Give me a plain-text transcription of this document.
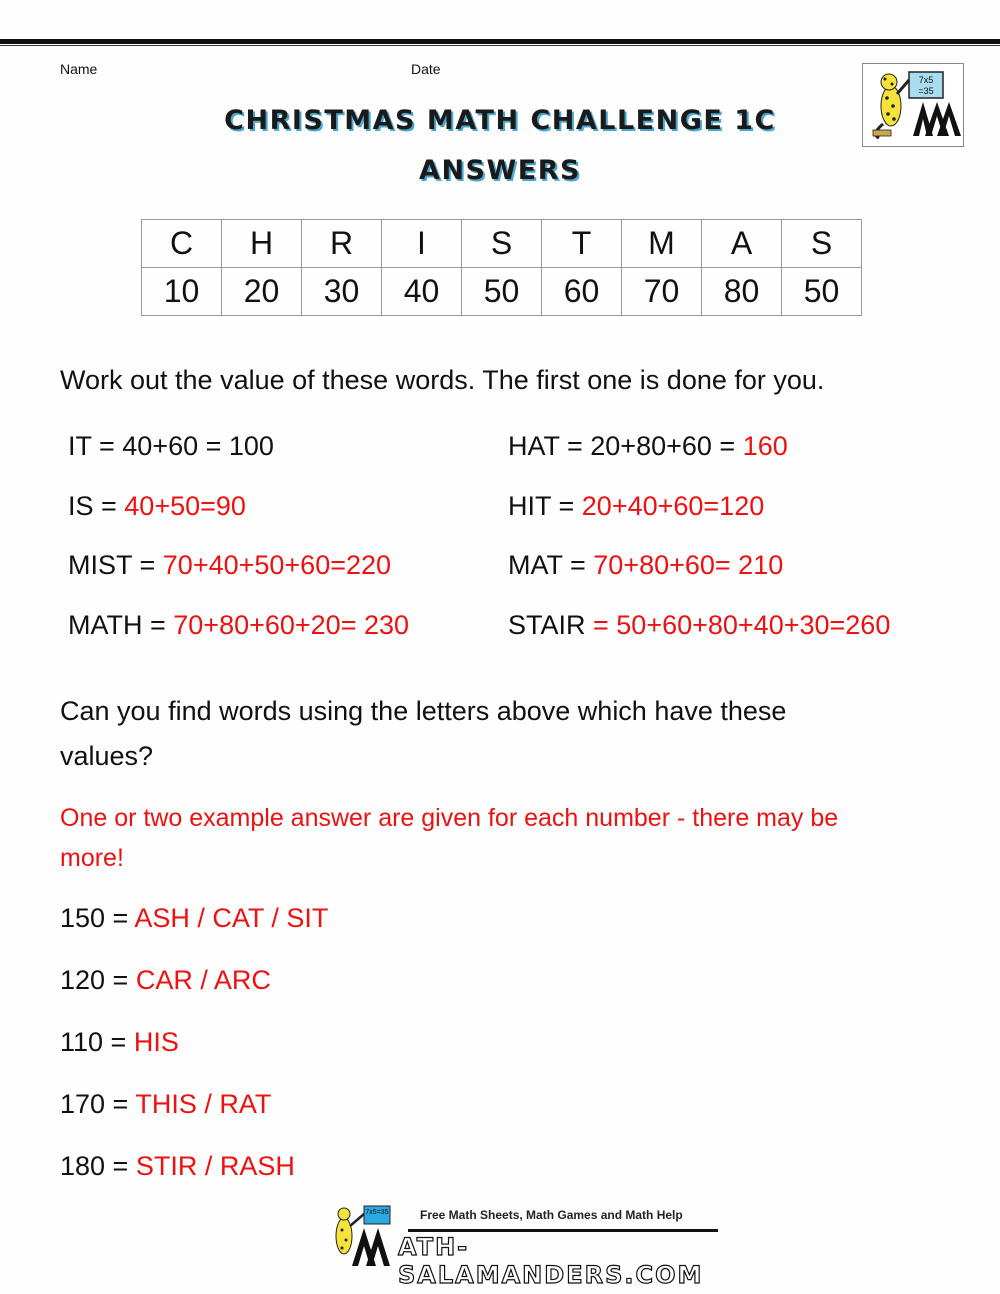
Name	Date
CHRISTMAS MATH CHALLENGE 1C
ANSWERS
7x5
=35
C	H	R	I	S	T	M	A	S
10	20	30	40	50	60	70	80	50
Work out the value of these words. The first one is done for you.
IT = 40+60 = 100
IS = 40+50=90
MIST = 70+40+50+60=220
MATH = 70+80+60+20= 230
HAT = 20+80+60 = 160
HIT = 20+40+60=120
MAT = 70+80+60= 210
STAIR = 50+60+80+40+30=260
Can you find words using the letters above which have these
values?
One or two example answer are given for each number - there may be
more!
150 = ASH / CAT / SIT
120 = CAR / ARC
110 = HIS
170 = THIS / RAT
180 = STIR / RASH
7x5=35	Free Math Sheets, Math Games and Math Help
ATH-SALAMANDERS.COM
